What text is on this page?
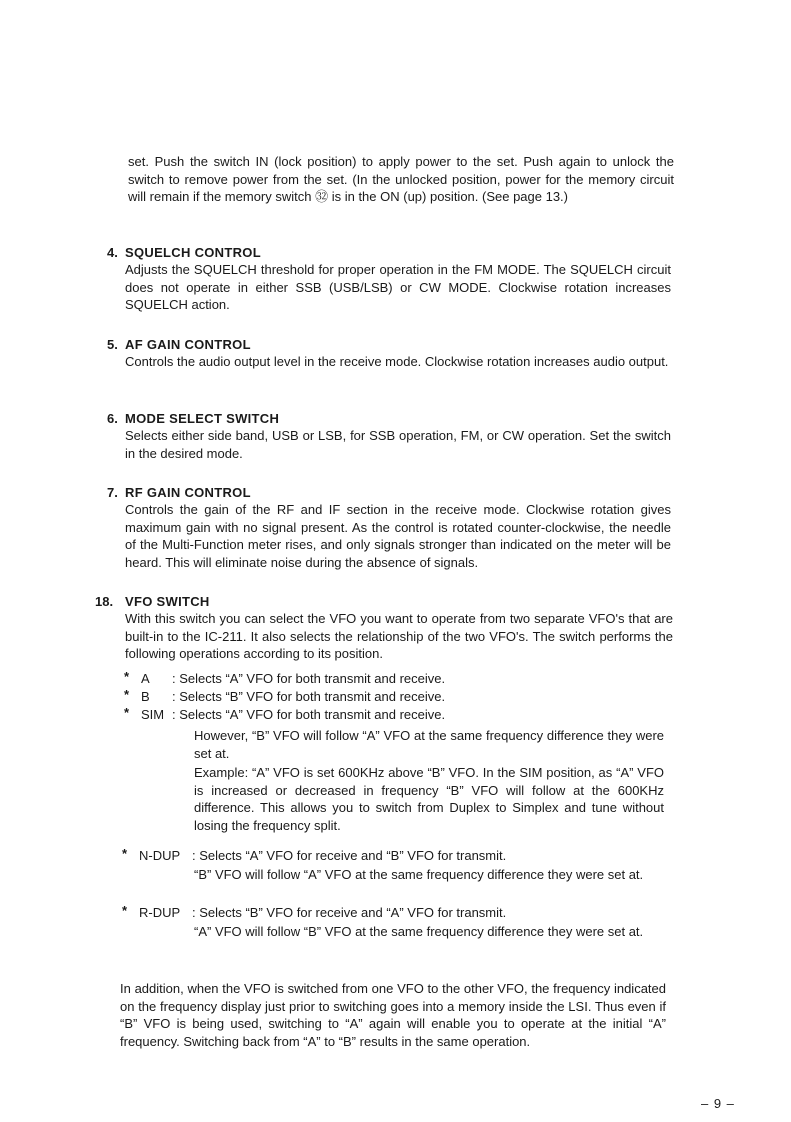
set. Push the switch IN (lock position) to apply power to the set. Push again to unlock the switch to remove power from the set. (In the unlocked position, power for the memory circuit will remain if the memory switch ㉜ is in the ON (up) position. (See page 13.)
4. SQUELCH CONTROL
Adjusts the SQUELCH threshold for proper operation in the FM MODE. The SQUELCH circuit does not operate in either SSB (USB/LSB) or CW MODE. Clockwise rotation increases SQUELCH action.
5. AF GAIN CONTROL
Controls the audio output level in the receive mode. Clockwise rotation increases audio output.
6. MODE SELECT SWITCH
Selects either side band, USB or LSB, for SSB operation, FM, or CW operation. Set the switch in the desired mode.
7. RF GAIN CONTROL
Controls the gain of the RF and IF section in the receive mode. Clockwise rotation gives maximum gain with no signal present. As the control is rotated counter-clockwise, the needle of the Multi-Function meter rises, and only signals stronger than indicated on the meter will be heard. This will eliminate noise during the absence of signals.
18. VFO SWITCH
With this switch you can select the VFO you want to operate from two separate VFO's that are built-in to the IC-211. It also selects the relationship of the two VFO's. The switch performs the following operations according to its position.
* A : Selects “A” VFO for both transmit and receive.
* B : Selects “B” VFO for both transmit and receive.
* SIM : Selects “A” VFO for both transmit and receive.
However, “B” VFO will follow “A” VFO at the same frequency difference they were set at.
Example: “A” VFO is set 600KHz above “B” VFO. In the SIM position, as “A” VFO is increased or decreased in frequency “B” VFO will follow at the 600KHz difference. This allows you to switch from Duplex to Simplex and tune without losing the frequency split.
* N-DUP : Selects “A” VFO for receive and “B” VFO for transmit.
“B” VFO will follow “A” VFO at the same frequency difference they were set at.
* R-DUP : Selects “B” VFO for receive and “A” VFO for transmit.
“A” VFO will follow “B” VFO at the same frequency difference they were set at.
In addition, when the VFO is switched from one VFO to the other VFO, the frequency indicated on the frequency display just prior to switching goes into a memory inside the LSI. Thus even if “B” VFO is being used, switching to “A” again will enable you to operate at the initial “A” frequency. Switching back from “A” to “B” results in the same operation.
– 9 –
